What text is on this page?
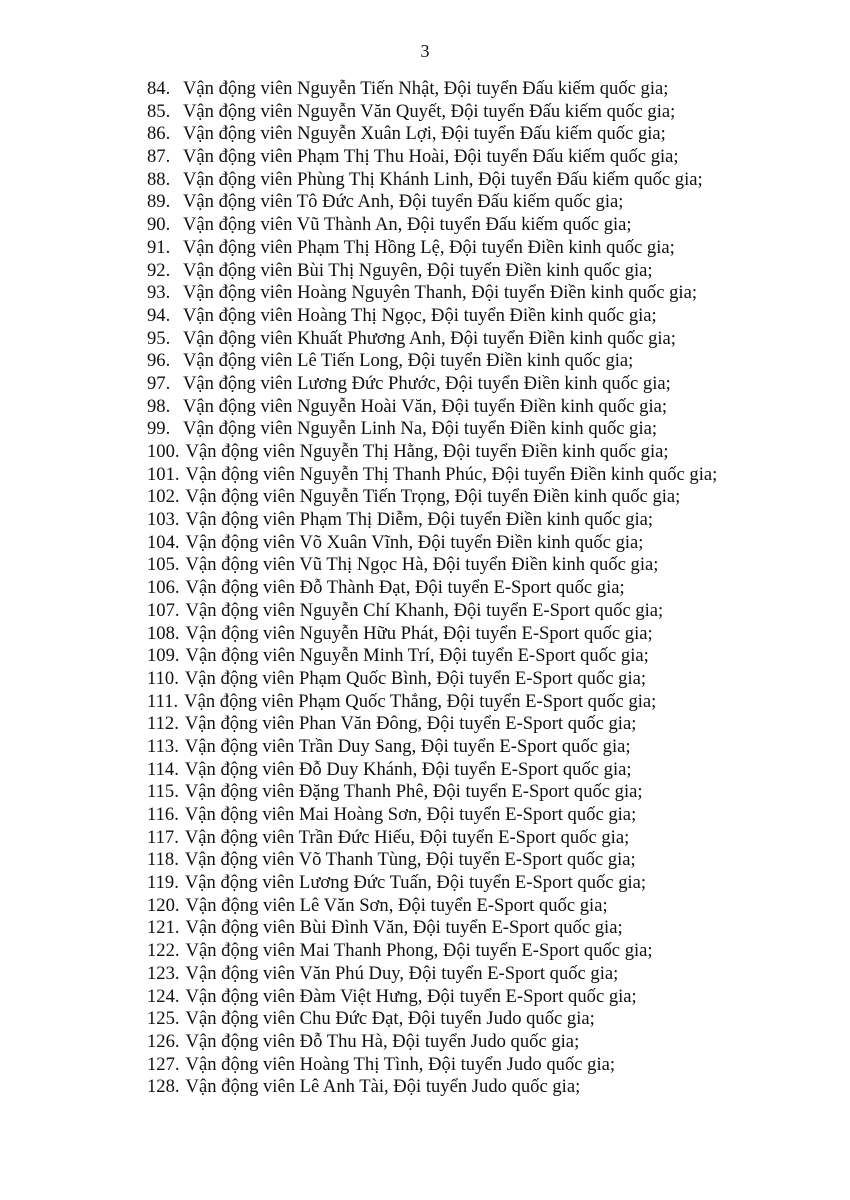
3
84. Vận động viên Nguyễn Tiến Nhật, Đội tuyển Đấu kiếm quốc gia;
85. Vận động viên Nguyễn Văn Quyết, Đội tuyển Đấu kiếm quốc gia;
86. Vận động viên Nguyễn Xuân Lợi, Đội tuyển Đấu kiếm quốc gia;
87. Vận động viên Phạm Thị Thu Hoài, Đội tuyển Đấu kiếm quốc gia;
88. Vận động viên Phùng Thị Khánh Linh, Đội tuyển Đấu kiếm quốc gia;
89. Vận động viên Tô Đức Anh, Đội tuyển Đấu kiếm quốc gia;
90. Vận động viên Vũ Thành An, Đội tuyển Đấu kiếm quốc gia;
91. Vận động viên Phạm Thị Hồng Lệ, Đội tuyển Điền kinh quốc gia;
92. Vận động viên Bùi Thị Nguyên, Đội tuyển Điền kinh quốc gia;
93. Vận động viên Hoàng Nguyên Thanh, Đội tuyển Điền kinh quốc gia;
94. Vận động viên Hoàng Thị Ngọc, Đội tuyển Điền kinh quốc gia;
95. Vận động viên Khuất Phương Anh, Đội tuyển Điền kinh quốc gia;
96. Vận động viên Lê Tiến Long, Đội tuyển Điền kinh quốc gia;
97. Vận động viên Lương Đức Phước, Đội tuyển Điền kinh quốc gia;
98. Vận động viên Nguyễn Hoài Văn, Đội tuyển Điền kinh quốc gia;
99. Vận động viên Nguyễn Linh Na, Đội tuyển Điền kinh quốc gia;
100. Vận động viên Nguyễn Thị Hằng, Đội tuyển Điền kinh quốc gia;
101. Vận động viên Nguyễn Thị Thanh Phúc, Đội tuyển Điền kinh quốc gia;
102. Vận động viên Nguyễn Tiến Trọng, Đội tuyển Điền kinh quốc gia;
103. Vận động viên Phạm Thị Diễm, Đội tuyển Điền kinh quốc gia;
104. Vận động viên Võ Xuân Vĩnh, Đội tuyển Điền kinh quốc gia;
105. Vận động viên Vũ Thị Ngọc Hà, Đội tuyển Điền kinh quốc gia;
106. Vận động viên Đỗ Thành Đạt, Đội tuyển E-Sport quốc gia;
107. Vận động viên Nguyễn Chí Khanh, Đội tuyển E-Sport quốc gia;
108. Vận động viên Nguyễn Hữu Phát, Đội tuyển E-Sport quốc gia;
109. Vận động viên Nguyễn Minh Trí, Đội tuyển E-Sport quốc gia;
110. Vận động viên Phạm Quốc Bình, Đội tuyển E-Sport quốc gia;
111. Vận động viên Phạm Quốc Thắng, Đội tuyển E-Sport quốc gia;
112. Vận động viên Phan Văn Đông, Đội tuyển E-Sport quốc gia;
113. Vận động viên Trần Duy Sang, Đội tuyển E-Sport quốc gia;
114. Vận động viên Đỗ Duy Khánh, Đội tuyển E-Sport quốc gia;
115. Vận động viên Đặng Thanh Phê, Đội tuyển E-Sport quốc gia;
116. Vận động viên Mai Hoàng Sơn, Đội tuyển E-Sport quốc gia;
117. Vận động viên Trần Đức Hiếu, Đội tuyển E-Sport quốc gia;
118. Vận động viên Võ Thanh Tùng, Đội tuyển E-Sport quốc gia;
119. Vận động viên Lương Đức Tuấn, Đội tuyển E-Sport quốc gia;
120. Vận động viên Lê Văn Sơn, Đội tuyển E-Sport quốc gia;
121. Vận động viên Bùi Đình Văn, Đội tuyển E-Sport quốc gia;
122. Vận động viên Mai Thanh Phong, Đội tuyển E-Sport quốc gia;
123. Vận động viên Văn Phú Duy, Đội tuyển E-Sport quốc gia;
124. Vận động viên Đàm Việt Hưng, Đội tuyển E-Sport quốc gia;
125. Vận động viên Chu Đức Đạt, Đội tuyển Judo quốc gia;
126. Vận động viên Đỗ Thu Hà, Đội tuyển Judo quốc gia;
127. Vận động viên Hoàng Thị Tình, Đội tuyển Judo quốc gia;
128. Vận động viên Lê Anh Tài, Đội tuyển Judo quốc gia;
